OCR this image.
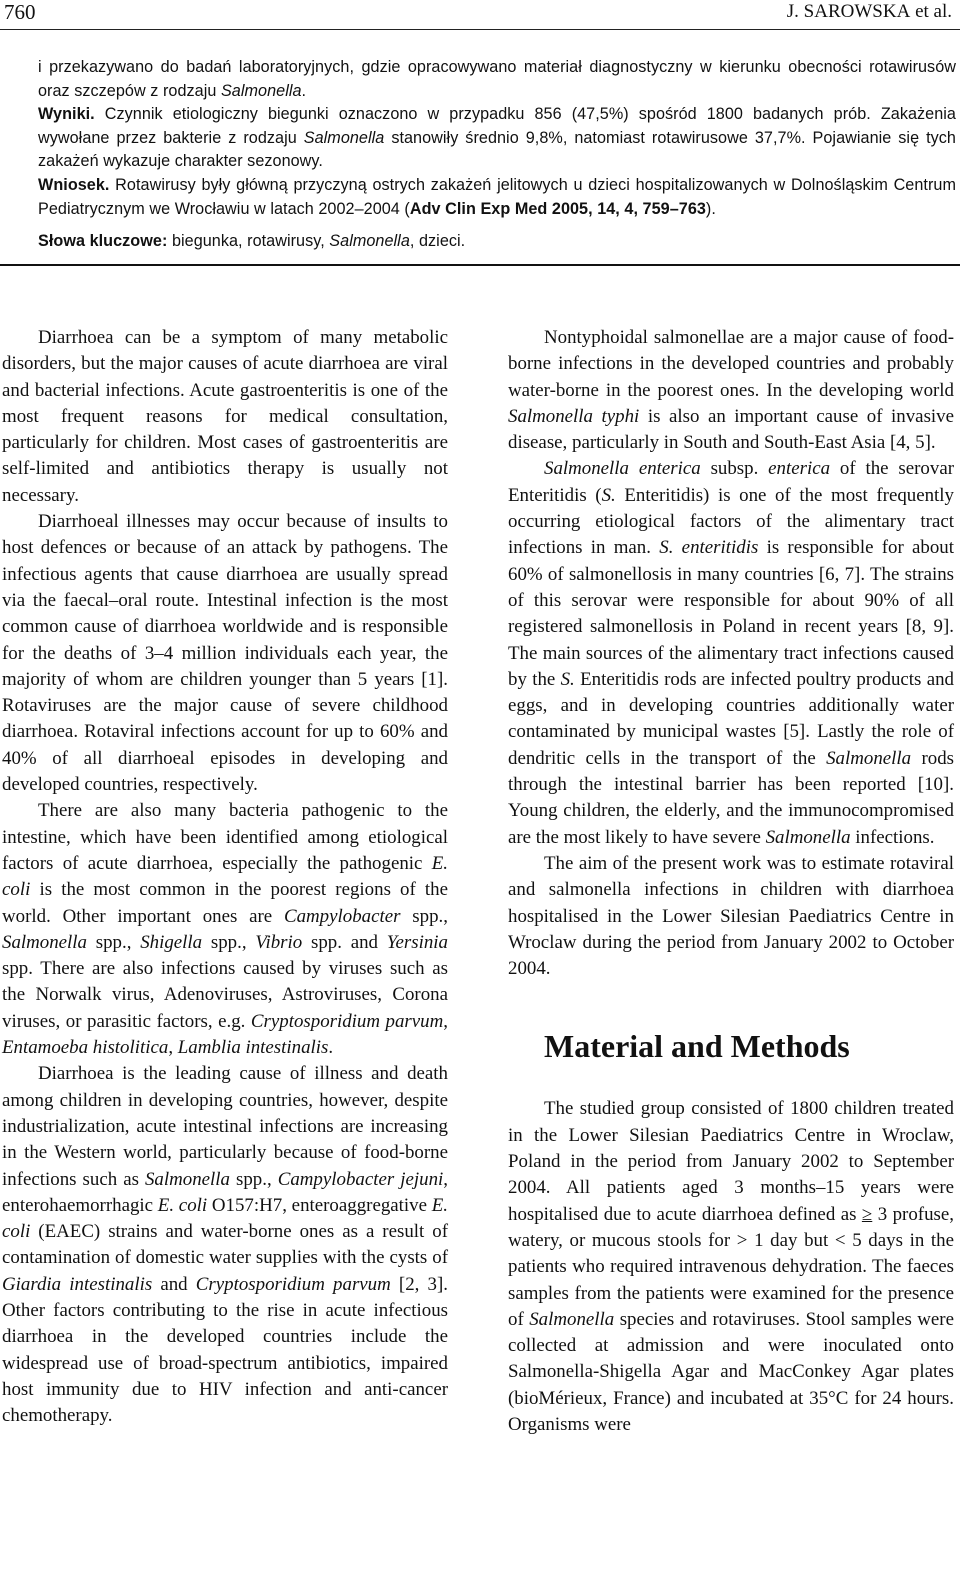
760	J. SAROWSKA et al.

i przekazywano do badań laboratoryjnych, gdzie opracowywano materiał diagnostyczny w kierunku obecności rotawirusów oraz szczepów z rodzaju Salmonella.

Wyniki. Czynnik etiologiczny biegunki oznaczono w przypadku 856 (47,5%) spośród 1800 badanych prób. Zakażenia wywołane przez bakterie z rodzaju Salmonella stanowiły średnio 9,8%, natomiast rotawirusowe 37,7%. Pojawianie się tych zakażeń wykazuje charakter sezonowy.

Wniosek. Rotawirusy były główną przyczyną ostrych zakażeń jelitowych u dzieci hospitalizowanych w Dolnośląskim Centrum Pediatrycznym we Wrocławiu w latach 2002–2004 (Adv Clin Exp Med 2005, 14, 4, 759–763).

Słowa kluczowe: biegunka, rotawirusy, Salmonella, dzieci.

Diarrhoea can be a symptom of many metabolic disorders, but the major causes of acute diarrhoea are viral and bacterial infections. Acute gastroenteritis is one of the most frequent reasons for medical consultation, particularly for children. Most cases of gastroenteritis are self-limited and antibiotics therapy is usually not necessary.

Diarrhoeal illnesses may occur because of insults to host defences or because of an attack by pathogens. The infectious agents that cause diarrhoea are usually spread via the faecal–oral route. Intestinal infection is the most common cause of diarrhoea worldwide and is responsible for the deaths of 3–4 million individuals each year, the majority of whom are children younger than 5 years [1]. Rotaviruses are the major cause of severe childhood diarrhoea. Rotaviral infections account for up to 60% and 40% of all diarrhoeal episodes in developing and developed countries, respectively.

There are also many bacteria pathogenic to the intestine, which have been identified among etiological factors of acute diarrhoea, especially the pathogenic E. coli is the most common in the poorest regions of the world. Other important ones are Campylobacter spp., Salmonella spp., Shigella spp., Vibrio spp. and Yersinia spp. There are also infections caused by viruses such as the Norwalk virus, Adenoviruses, Astroviruses, Corona viruses, or parasitic factors, e.g. Cryptosporidium parvum, Entamoeba histolitica, Lamblia intestinalis.

Diarrhoea is the leading cause of illness and death among children in developing countries, however, despite industrialization, acute intestinal infections are increasing in the Western world, particularly because of food-borne infections such as Salmonella spp., Campylobacter jejuni, enterohaemorrhagic E. coli O157:H7, enteroaggregative E. coli (EAEC) strains and water-borne ones as a result of contamination of domestic water supplies with the cysts of Giardia intestinalis and Cryptosporidium parvum [2, 3]. Other factors contributing to the rise in acute infectious diarrhoea in the developed countries include the widespread use of broad-spectrum antibiotics, impaired host immunity due to HIV infection and anti-cancer chemotherapy.

Nontyphoidal salmonellae are a major cause of food-borne infections in the developed countries and probably water-borne in the poorest ones. In the developing world Salmonella typhi is also an important cause of invasive disease, particularly in South and South-East Asia [4, 5].

Salmonella enterica subsp. enterica of the serovar Enteritidis (S. Enteritidis) is one of the most frequently occurring etiological factors of the alimentary tract infections in man. S. enteritidis is responsible for about 60% of salmonellosis in many countries [6, 7]. The strains of this serovar were responsible for about 90% of all registered salmonellosis in Poland in recent years [8, 9]. The main sources of the alimentary tract infections caused by the S. Enteritidis rods are infected poultry products and eggs, and in developing countries additionally water contaminated by municipal wastes [5]. Lastly the role of dendritic cells in the transport of the Salmonella rods through the intestinal barrier has been reported [10]. Young children, the elderly, and the immunocompromised are the most likely to have severe Salmonella infections.

The aim of the present work was to estimate rotaviral and salmonella infections in children with diarrhoea hospitalised in the Lower Silesian Paediatrics Centre in Wroclaw during the period from January 2002 to October 2004.

Material and Methods

The studied group consisted of 1800 children treated in the Lower Silesian Paediatrics Centre in Wroclaw, Poland in the period from January 2002 to September 2004. All patients aged 3 months–15 years were hospitalised due to acute diarrhoea defined as ≥ 3 profuse, watery, or mucous stools for > 1 day but < 5 days in the patients who required intravenous dehydration. The faeces samples from the patients were examined for the presence of Salmonella species and rotaviruses. Stool samples were collected at admission and were inoculated onto Salmonella-Shigella Agar and MacConkey Agar plates (bioMérieux, France) and incubated at 35°C for 24 hours. Organisms were
